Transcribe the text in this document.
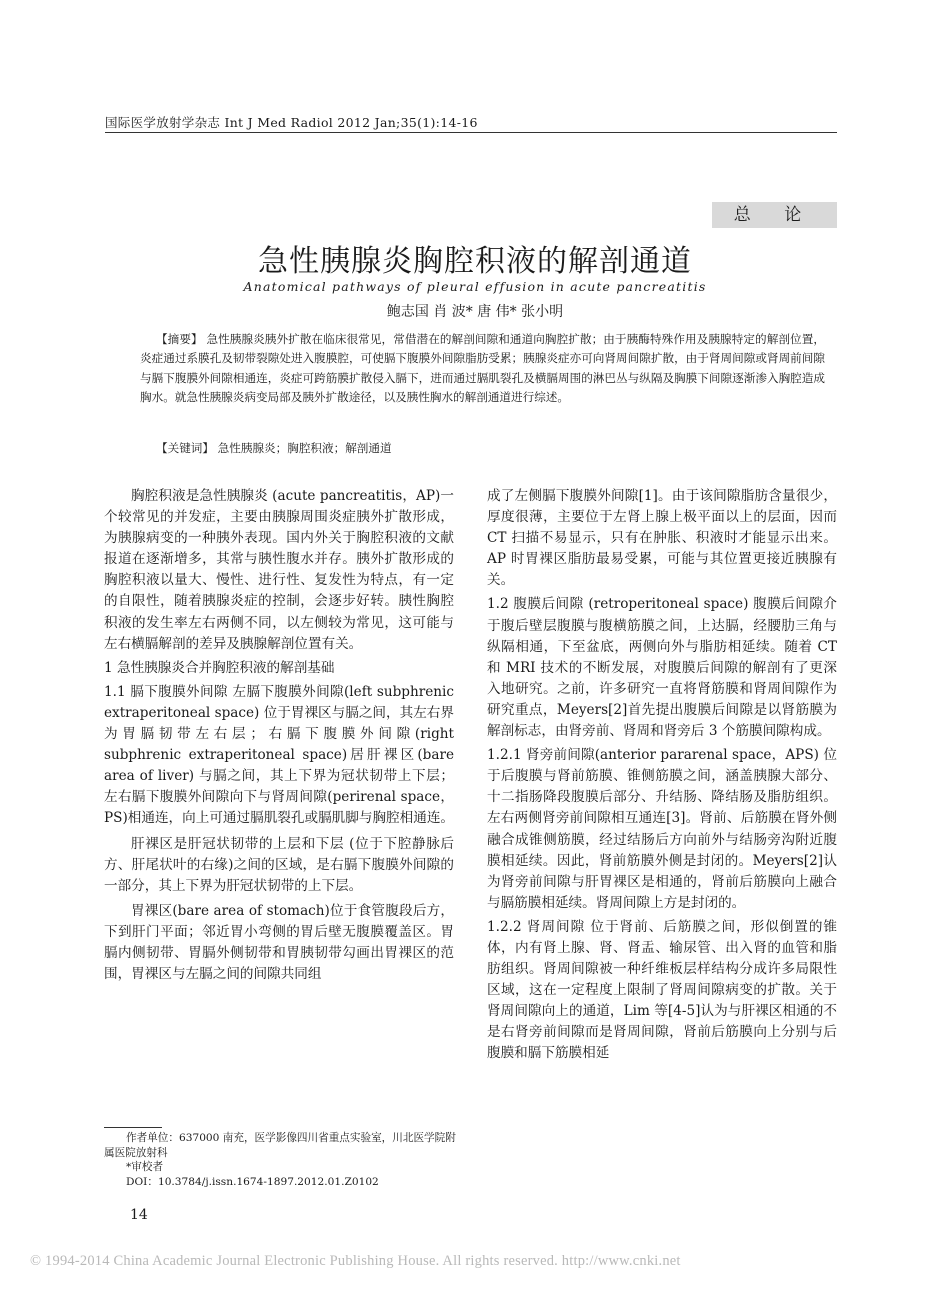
国际医学放射学杂志 Int J Med Radiol 2012 Jan;35(1):14-16
总 论
急性胰腺炎胸腔积液的解剖通道
Anatomical pathways of pleural effusion in acute pancreatitis
鲍志国 肖 波* 唐 伟* 张小明

【摘要】 急性胰腺炎胰外扩散在临床很常见，常借潜在的解剖间隙和通道向胸腔扩散；由于胰酶特殊作用及胰腺特定的解剖位置，炎症通过系膜孔及韧带裂隙处进入腹膜腔，可使膈下腹膜外间隙脂肪受累；胰腺炎症亦可向肾周间隙扩散，由于肾周间隙或肾周前间隙与膈下腹膜外间隙相通连，炎症可跨筋膜扩散侵入膈下，进而通过膈肌裂孔及横膈周围的淋巴丛与纵隔及胸膜下间隙逐渐渗入胸腔造成胸水。就急性胰腺炎病变局部及胰外扩散途径，以及胰性胸水的解剖通道进行综述。

【关键词】 急性胰腺炎；胸腔积液；解剖通道

胸腔积液是急性胰腺炎 (acute pancreatitis，AP)一个较常见的并发症，主要由胰腺周围炎症胰外扩散形成，为胰腺病变的一种胰外表现。国内外关于胸腔积液的文献报道在逐渐增多，其常与胰性腹水并存。胰外扩散形成的胸腔积液以量大、慢性、进行性、复发性为特点，有一定的自限性，随着胰腺炎症的控制，会逐步好转。胰性胸腔积液的发生率左右两侧不同，以左侧较为常见，这可能与左右横膈解剖的差异及胰腺解剖位置有关。

1 急性胰腺炎合并胸腔积液的解剖基础

1.1 膈下腹膜外间隙 左膈下腹膜外间隙(left subphrenic extraperitoneal space) 位于胃裸区与膈之间，其左右界为胃膈韧带左右层；右膈下腹膜外间隙(right subphrenic extraperitoneal space)居肝裸区(bare area of liver) 与膈之间，其上下界为冠状韧带上下层；左右膈下腹膜外间隙向下与肾周间隙(perirenal space，PS)相通连，向上可通过膈肌裂孔或膈肌脚与胸腔相通连。

肝裸区是肝冠状韧带的上层和下层 (位于下腔静脉后方、肝尾状叶的右缘)之间的区域，是右膈下腹膜外间隙的一部分，其上下界为肝冠状韧带的上下层。

胃裸区(bare area of stomach)位于食管腹段后方，下到肝门平面；邻近胃小弯侧的胃后壁无腹膜覆盖区。胃膈内侧韧带、胃膈外侧韧带和胃胰韧带勾画出胃裸区的范围，胃裸区与左膈之间的间隙共同组

成了左侧膈下腹膜外间隙[1]。由于该间隙脂肪含量很少，厚度很薄，主要位于左肾上腺上极平面以上的层面，因而 CT 扫描不易显示，只有在肿胀、积液时才能显示出来。AP 时胃裸区脂肪最易受累，可能与其位置更接近胰腺有关。

1.2 腹膜后间隙 (retroperitoneal space) 腹膜后间隙介于腹后壁层腹膜与腹横筋膜之间，上达膈，经腰肋三角与纵隔相通，下至盆底，两侧向外与脂肪相延续。随着 CT 和 MRI 技术的不断发展，对腹膜后间隙的解剖有了更深入地研究。之前，许多研究一直将肾筋膜和肾周间隙作为研究重点，Meyers[2]首先提出腹膜后间隙是以肾筋膜为解剖标志，由肾旁前、肾周和肾旁后 3 个筋膜间隙构成。

1.2.1 肾旁前间隙(anterior pararenal space，APS) 位于后腹膜与肾前筋膜、锥侧筋膜之间，涵盖胰腺大部分、十二指肠降段腹膜后部分、升结肠、降结肠及脂肪组织。左右两侧肾旁前间隙相互通连[3]。肾前、后筋膜在肾外侧融合成锥侧筋膜，经过结肠后方向前外与结肠旁沟附近腹膜相延续。因此，肾前筋膜外侧是封闭的。Meyers[2]认为肾旁前间隙与肝胃裸区是相通的，肾前后筋膜向上融合与膈筋膜相延续。肾周间隙上方是封闭的。

1.2.2 肾周间隙 位于肾前、后筋膜之间，形似倒置的锥体，内有肾上腺、肾、肾盂、输尿管、出入肾的血管和脂肪组织。肾周间隙被一种纤维板层样结构分成许多局限性区域，这在一定程度上限制了肾周间隙病变的扩散。关于肾周间隙向上的通道，Lim 等[4-5]认为与肝裸区相通的不是右肾旁前间隙而是肾周间隙，肾前后筋膜向上分别与后腹膜和膈下筋膜相延

作者单位：637000 南充，医学影像四川省重点实验室，川北医学院附属医院放射科

*审校者

DOI：10.3784/j.issn.1674-1897.2012.01.Z0102

14
© 1994-2014 China Academic Journal Electronic Publishing House. All rights reserved. http://www.cnki.net
